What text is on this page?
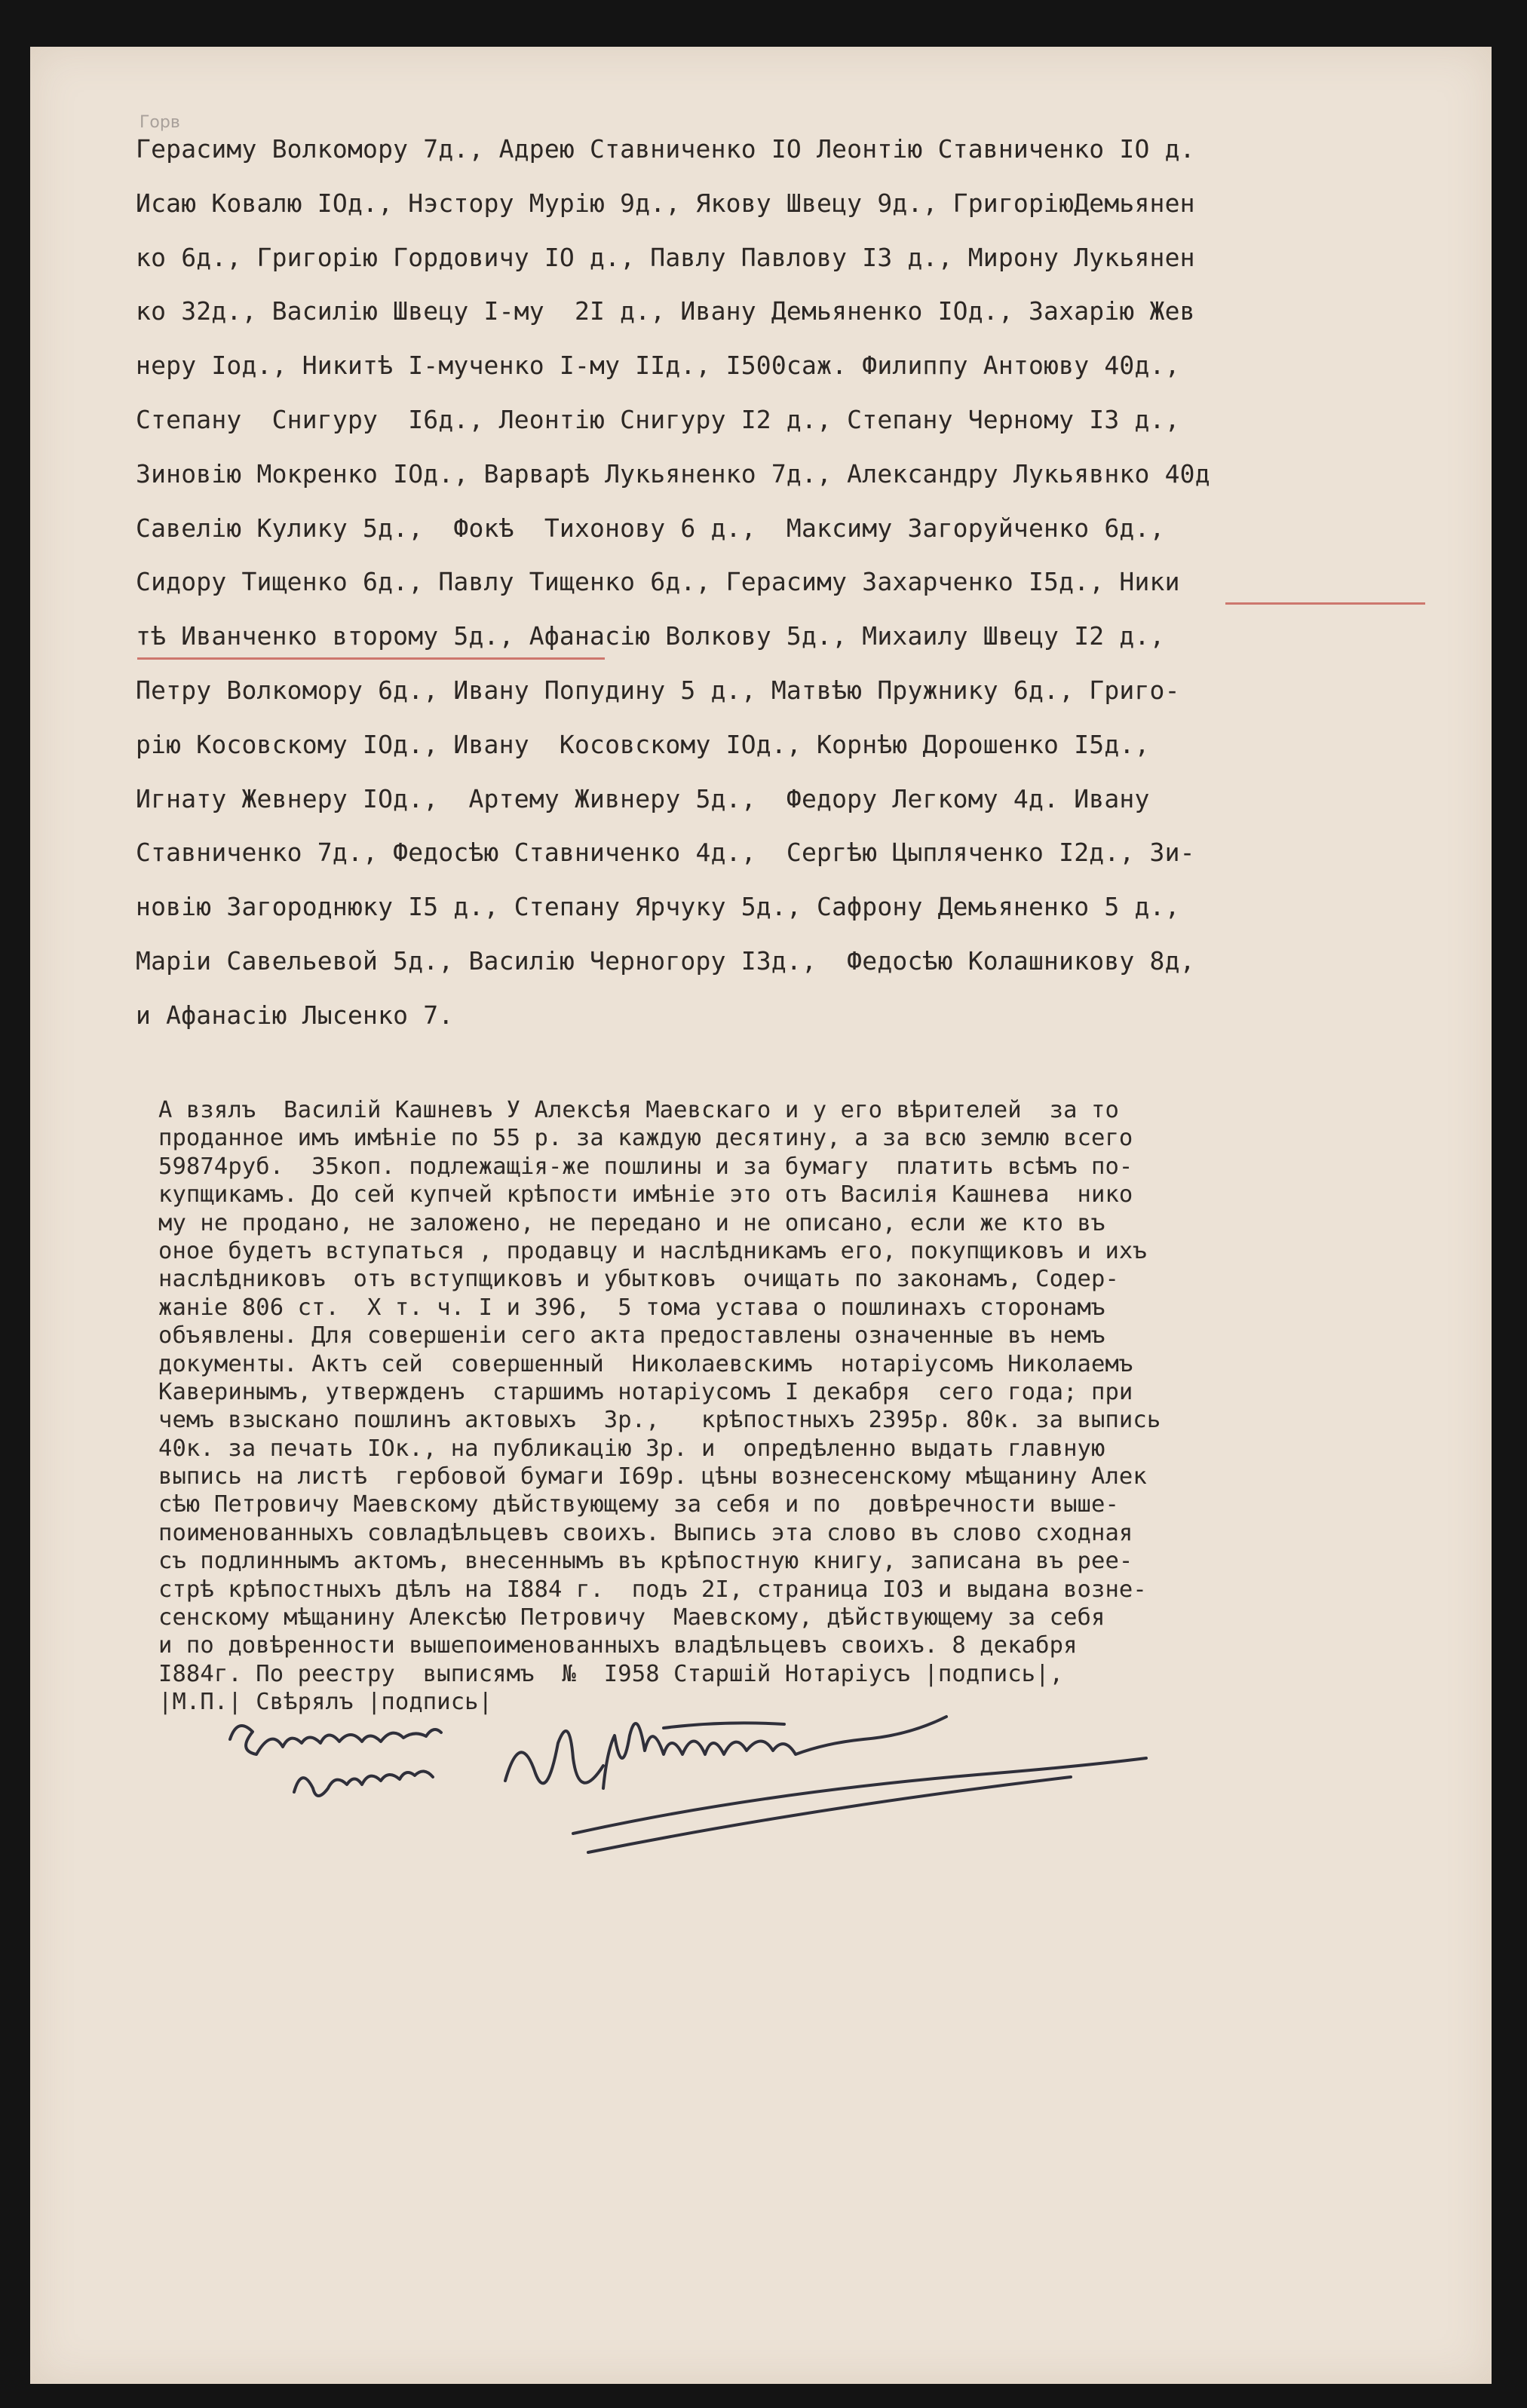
Горв
Герасиму Волкомору 7д., Адрею Ставниченко IO Леонтію Ставниченко IO д.
Исаю Ковалю IOд., Нэстору Мурію 9д., Якову Швецу 9д., ГригоріюДемьянен
ко 6д., Григорію Гордовичу IO д., Павлу Павлову I3 д., Мирону Лукьянен
ко 32д., Василію Швецу I-му  2I д., Ивану Демьяненко IOд., Захарію Жев
неру Iод., Никитѣ I-мученко I-му IIд., I500саж. Филиппу Антоюву 40д.,
Степану  Снигуру  I6д., Леонтію Снигуру I2 д., Степану Черному I3 д.,
Зиновію Мокренко IOд., Варварѣ Лукьяненко 7д., Александру Лукьявнко 40д
Савелію Кулику 5д.,  Фокѣ  Тихонову 6 д.,  Максиму Загоруйченко 6д.,
Сидору Тищенко 6д., Павлу Тищенко 6д., Герасиму Захарченко I5д., Ники
тѣ Иванченко второму 5д., Афанасію Волкову 5д., Михаилу Швецу I2 д.,
Петру Волкомору 6д., Ивану Попудину 5 д., Матвѣю Пружнику 6д., Григо-
рію Косовскому IOд., Ивану  Косовскому IOд., Корнѣю Дорошенко I5д.,
Игнату Жевнеру IOд.,  Артему Живнеру 5д.,  Федору Легкому 4д. Ивану
Ставниченко 7д., Федосѣю Ставниченко 4д.,  Сергѣю Цыпляченко I2д., Зи-
новію Загороднюку I5 д., Степану Ярчуку 5д., Сафрону Демьяненко 5 д.,
Маріи Савельевой 5д., Василію Черногору I3д.,  Федосѣю Колашникову 8д,
и Афанасію Лысенко 7.
А взялъ  Василій Кашневъ У Алексѣя Маевскаго и у его вѣрителей  за то
проданное имъ имѣніе по 55 р. за каждую десятину, а за всю землю всего
59874руб.  35коп. подлежащія-же пошлины и за бумагу  платить всѣмъ по-
купщикамъ. До сей купчей крѣпости имѣніе это отъ Василія Кашнева  нико
му не продано, не заложено, не передано и не описано, если же кто въ
оное будетъ вступаться , продавцу и наслѣдникамъ его, покупщиковъ и ихъ
наслѣдниковъ  отъ вступщиковъ и убытковъ  очищать по законамъ, Содер-
жаніе 806 ст.  X т. ч. I и 396,  5 тома устава о пошлинахъ сторонамъ
объявлены. Для совершеніи сего акта предоставлены означенные въ немъ
документы. Актъ сей  совершенный  Николаевскимъ  нотаріусомъ Николаемъ
Каверинымъ, утвержденъ  старшимъ нотаріусомъ I декабря  сего года; при
чемъ взыскано пошлинъ актовыхъ  3р.,   крѣпостныхъ 2395р. 80к. за выпись
40к. за печать IOк., на публикацію 3р. и  опредѣленно выдать главную
выпись на листѣ  гербовой бумаги I69р. цѣны вознесенскому мѣщанину Алек
сѣю Петровичу Маевскому дѣйствующему за себя и по  довѣречности выше-
поименованныхъ совладѣльцевъ своихъ. Выпись эта слово въ слово сходная
съ подлиннымъ актомъ, внесеннымъ въ крѣпостную книгу, записана въ рее-
стрѣ крѣпостныхъ дѣлъ на I884 г.  подъ 2I, страница IO3 и выдана возне-
сенскому мѣщанину Алексѣю Петровичу  Маевскому, дѣйствующему за себя
и по довѣренности вышепоименованныхъ владѣльцевъ своихъ. 8 декабря
I884г. По реестру  выписямъ  №  I958 Старшій Нотаріусъ |подпись|,
|М.П.| Свѣрялъ |подпись|
